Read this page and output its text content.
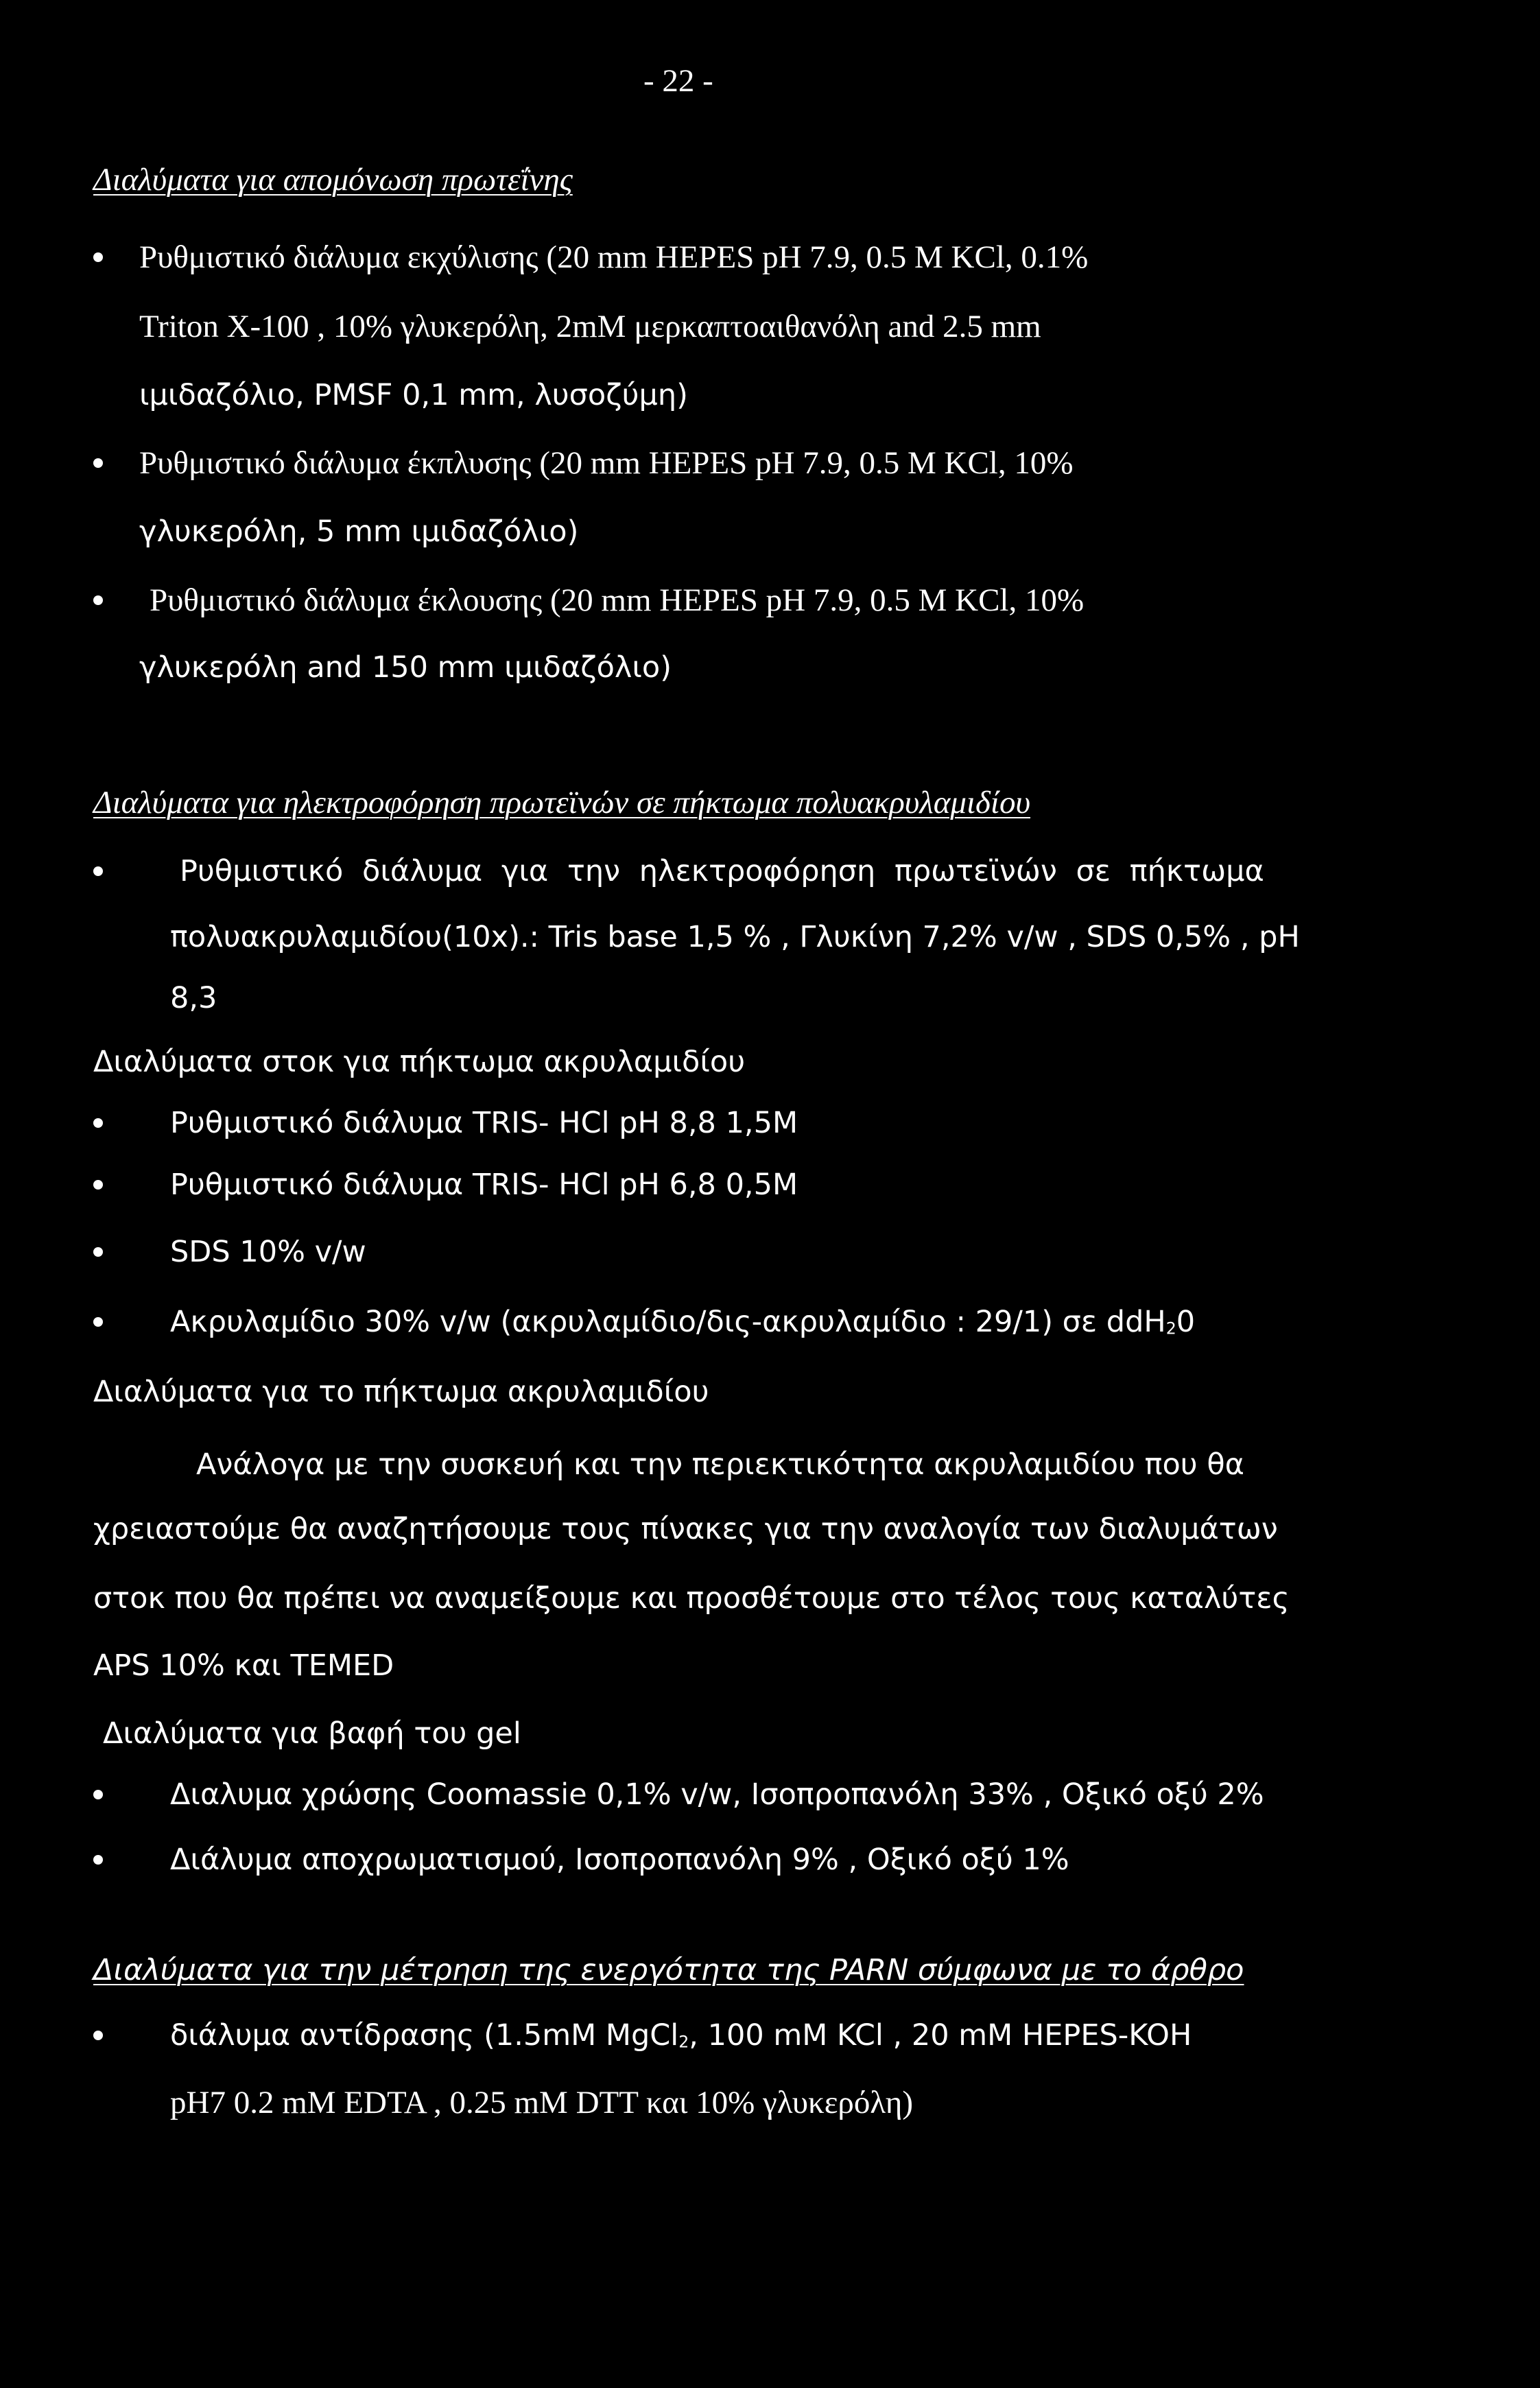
- 22 -
Διαλύματα για απομόνωση πρωτεΐνης
Ρυθμιστικό διάλυμα εκχύλισης (20 mm HEPES pH 7.9, 0.5 M KCl, 0.1%
Triton X-100 , 10% γλυκερόλη, 2mM μερκαπτοαιθανόλη and 2.5 mm
ιμιδαζόλιο, PMSF 0,1 mm, λυσοζύμη)
Ρυθμιστικό διάλυμα έκπλυσης (20 mm HEPES pH 7.9, 0.5 M KCl, 10%
γλυκερόλη, 5 mm ιμιδαζόλιο)
Ρυθμιστικό διάλυμα έκλουσης (20 mm HEPES pH 7.9, 0.5 M KCl, 10%
γλυκερόλη and 150 mm ιμιδαζόλιο)
Διαλύματα για ηλεκτροφόρηση πρωτεϊνών σε πήκτωμα πολυακρυλαμιδίου
Ρυθμιστικό διάλυμα για την ηλεκτροφόρηση πρωτεϊνών σε πήκτωμα
πολυακρυλαμιδίου(10x).: Tris base 1,5 % , Γλυκίνη 7,2% v/w , SDS 0,5% , pH
8,3
Διαλύματα στοκ για πήκτωμα ακρυλαμιδίου
Ρυθμιστικό διάλυμα TRIS- HCl pH 8,8 1,5M
Ρυθμιστικό διάλυμα TRIS- HCl pH 6,8 0,5M
SDS 10% v/w
Ακρυλαμίδιο 30% v/w (ακρυλαμίδιο/δις-ακρυλαμίδιο : 29/1) σε ddH$_2$0
Διαλύματα για το πήκτωμα ακρυλαμιδίου
Ανάλογα με την συσκευή και την περιεκτικότητα ακρυλαμιδίου που θα
χρειαστούμε θα αναζητήσουμε τους πίνακες για την αναλογία των διαλυμάτων
στοκ που θα πρέπει να αναμείξουμε και προσθέτουμε στο τέλος τους καταλύτες
APS 10% και TEMED
Διαλύματα για βαφή του gel
Διαλυμα χρώσης Coomassie 0,1% v/w, Ισοπροπανόλη 33% , Οξικό οξύ 2%
Διάλυμα αποχρωματισμού, Ισοπροπανόλη 9% , Οξικό οξύ 1%
Διαλύματα για την μέτρηση της ενεργότητα της PARN σύμφωνα με το άρθρο
διάλυμα αντίδρασης (1.5mM MgCl$_2$, 100 mM KCl , 20 mM HEPES-KOH
pH7 0.2 mM EDTA , 0.25 mM DTT και 10% γλυκερόλη)
